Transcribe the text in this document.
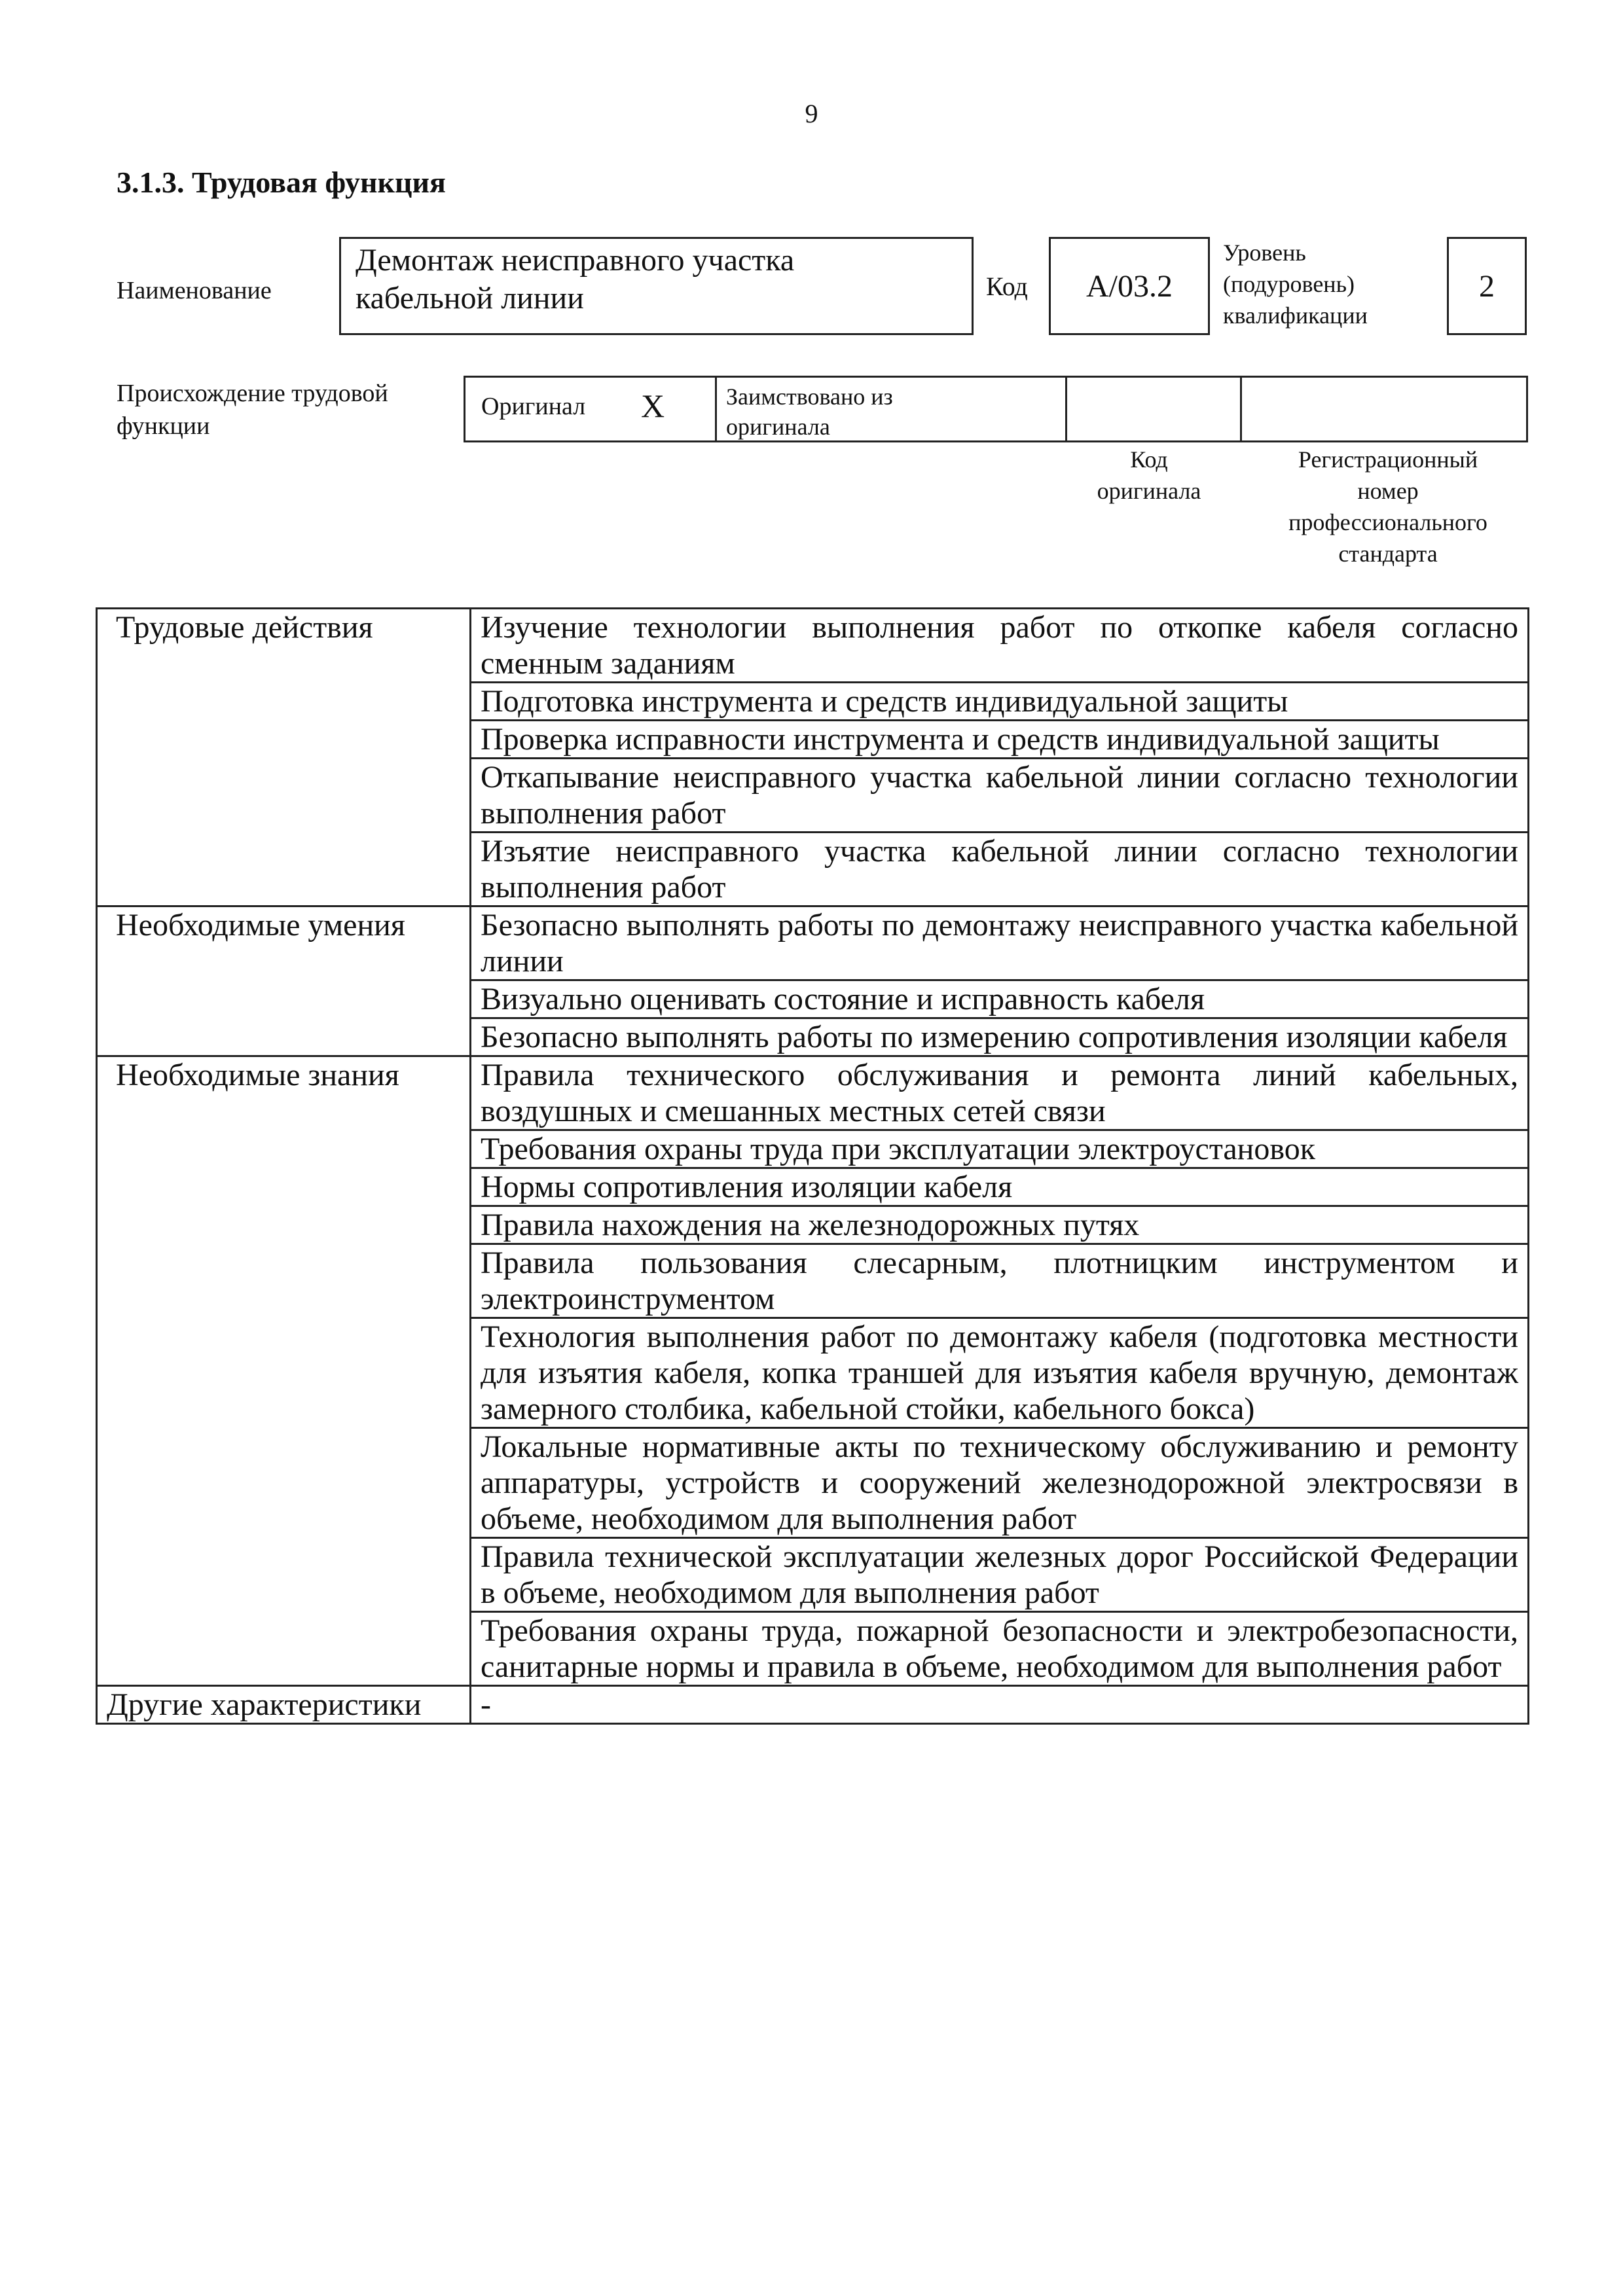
9
3.1.3. Трудовая функция
Наименование
Демонтаж неисправного участка
кабельной линии	Код	А/03.2
Уровень
(подуровень)
квалификации
2
Происхождение трудовой
функции
Оригинал X	Заимствовано из
оригинала
Код
оригинала
Регистрационный
номер
профессионального
стандарта
Трудовые действия	Изучение технологии выполнения работ по откопке кабеля согласно сменным заданиям
	Подготовка инструмента и средств индивидуальной защиты
	Проверка исправности инструмента и средств индивидуальной защиты
	Откапывание неисправного участка кабельной линии согласно технологии выполнения работ
	Изъятие неисправного участка кабельной линии согласно технологии выполнения работ
Необходимые умения	Безопасно выполнять работы по демонтажу неисправного участка кабельной линии
	Визуально оценивать состояние и исправность кабеля
	Безопасно выполнять работы по измерению сопротивления изоляции кабеля
Необходимые знания	Правила технического обслуживания и ремонта линий кабельных, воздушных и смешанных местных сетей связи
	Требования охраны труда при эксплуатации электроустановок
	Нормы сопротивления изоляции кабеля
	Правила нахождения на железнодорожных путях
	Правила пользования слесарным, плотницким инструментом и электроинструментом
	Технология выполнения работ по демонтажу кабеля (подготовка местности для изъятия кабеля, копка траншей для изъятия кабеля вручную, демонтаж замерного столбика, кабельной стойки, кабельного бокса)
	Локальные нормативные акты по техническому обслуживанию и ремонту аппаратуры, устройств и сооружений железнодорожной электросвязи в объеме, необходимом для выполнения работ
	Правила технической эксплуатации железных дорог Российской Федерации в объеме, необходимом для выполнения работ
	Требования охраны труда, пожарной безопасности и электробезопасности, санитарные нормы и правила в объеме, необходимом для выполнения работ
Другие характеристики	-
